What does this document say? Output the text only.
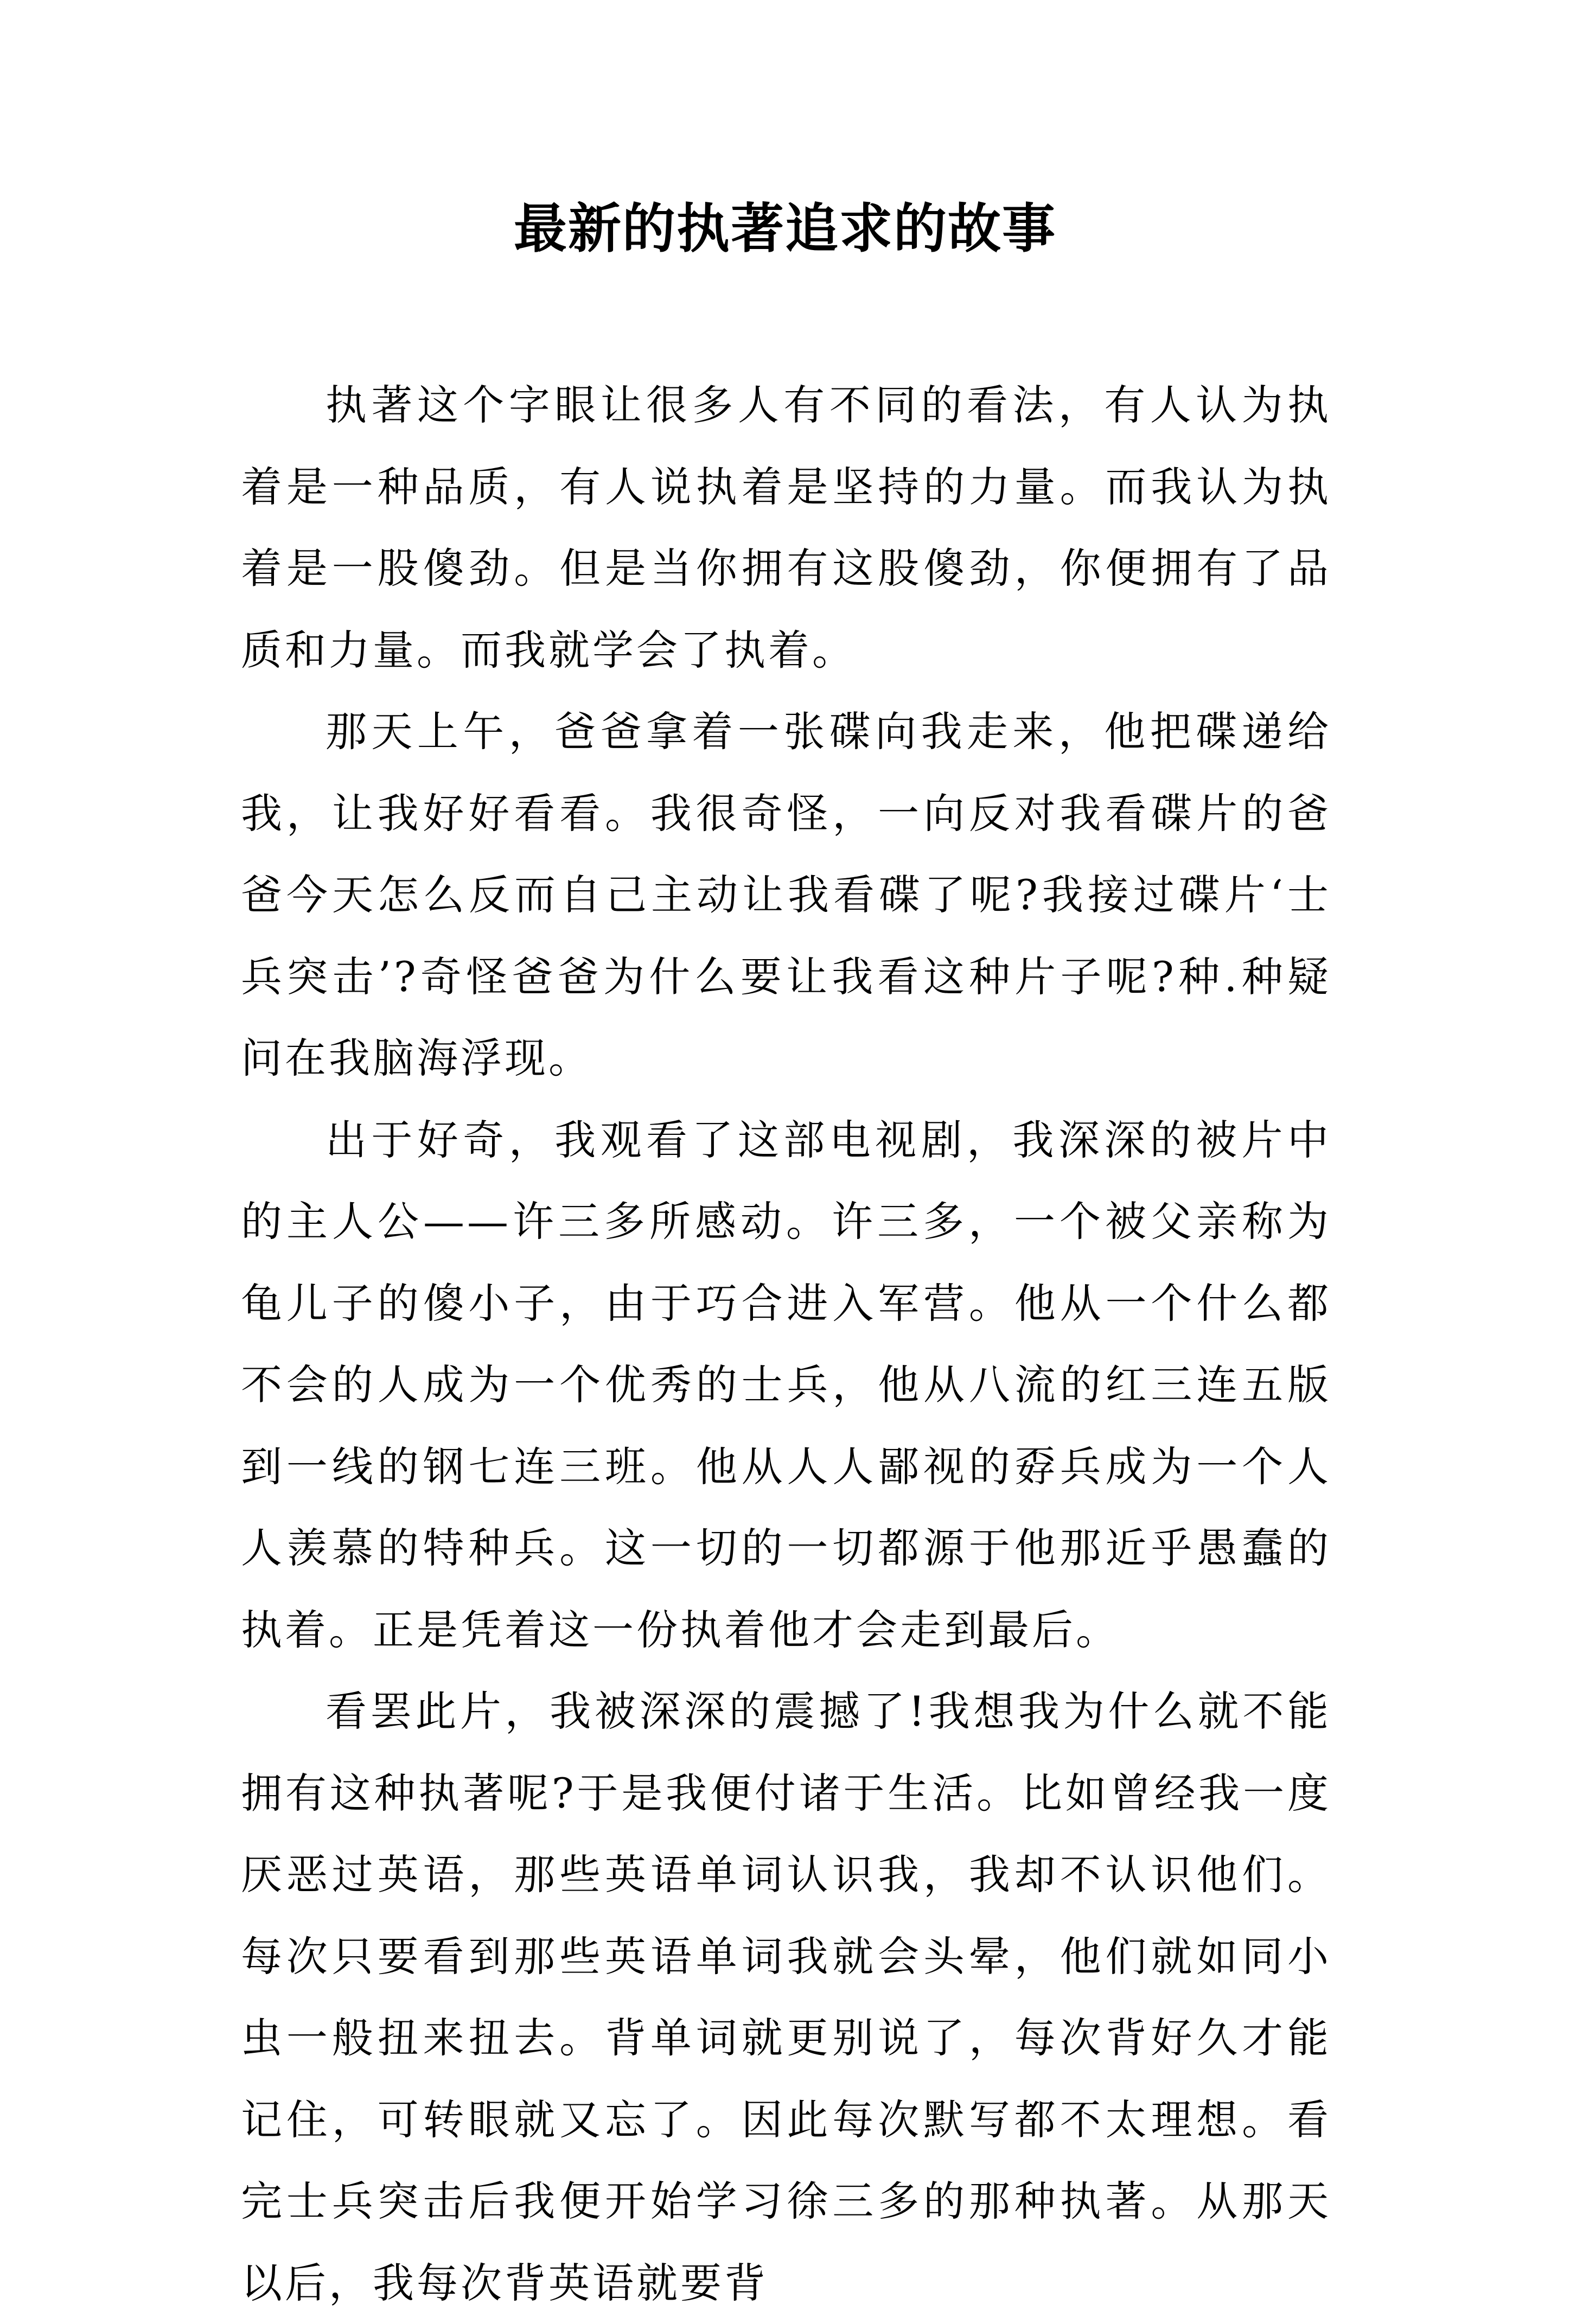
最新的执著追求的故事

执著这个字眼让很多人有不同的看法，有人认为执着是一种品质，有人说执着是坚持的力量。而我认为执着是一股傻劲。但是当你拥有这股傻劲，你便拥有了品质和力量。而我就学会了执着。

那天上午，爸爸拿着一张碟向我走来，他把碟递给我，让我好好看看。我很奇怪，一向反对我看碟片的爸爸今天怎么反而自己主动让我看碟了呢?我接过碟片‘士兵突击’?奇怪爸爸为什么要让我看这种片子呢?种.种疑问在我脑海浮现。

出于好奇，我观看了这部电视剧，我深深的被片中的主人公——许三多所感动。许三多，一个被父亲称为龟儿子的傻小子，由于巧合进入军营。他从一个什么都不会的人成为一个优秀的士兵，他从八流的红三连五版到一线的钢七连三班。他从人人鄙视的孬兵成为一个人人羡慕的特种兵。这一切的一切都源于他那近乎愚蠢的执着。正是凭着这一份执着他才会走到最后。

看罢此片，我被深深的震撼了!我想我为什么就不能拥有这种执著呢?于是我便付诸于生活。比如曾经我一度厌恶过英语，那些英语单词认识我，我却不认识他们。每次只要看到那些英语单词我就会头晕，他们就如同小虫一般扭来扭去。背单词就更别说了，每次背好久才能记住，可转眼就又忘了。因此每次默写都不太理想。看完士兵突击后我便开始学习徐三多的那种执著。从那天以后，我每次背英语就要背
